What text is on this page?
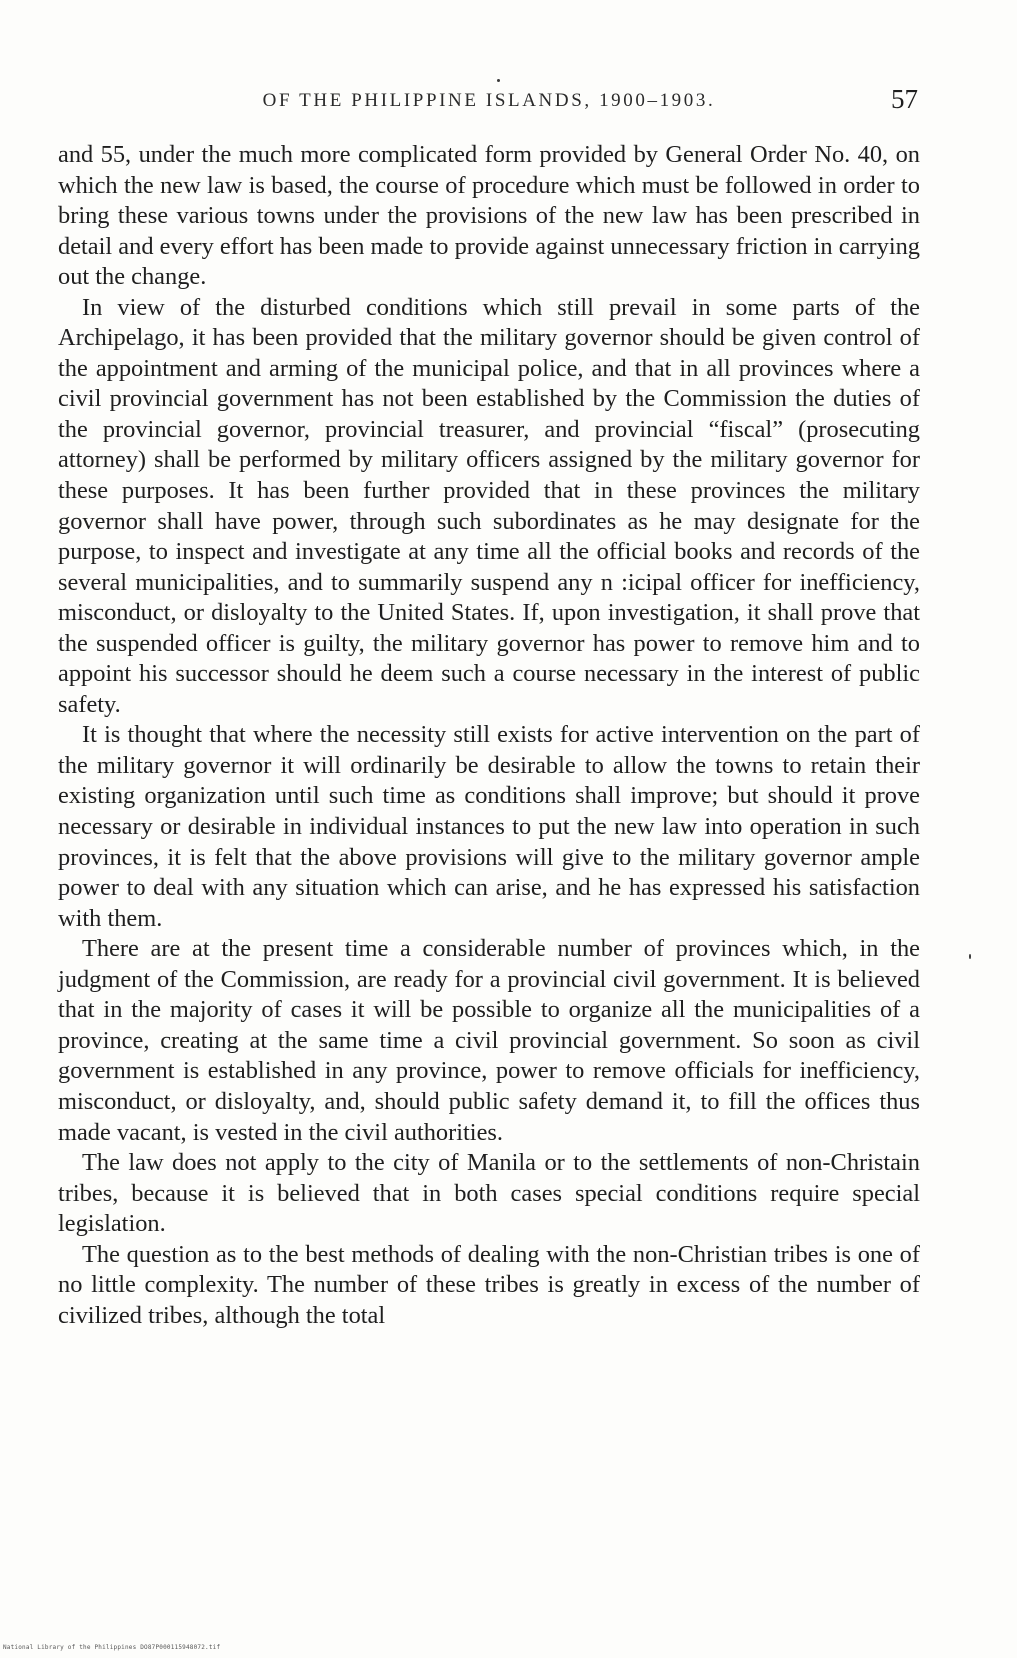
OF THE PHILIPPINE ISLANDS, 1900–1903.	57

and 55, under the much more complicated form provided by General Order No. 40, on which the new law is based, the course of procedure which must be followed in order to bring these various towns under the provisions of the new law has been prescribed in detail and every effort has been made to provide against unnecessary friction in carrying out the change.

In view of the disturbed conditions which still prevail in some parts of the Archipelago, it has been provided that the military governor should be given control of the appointment and arming of the municipal police, and that in all provinces where a civil provincial government has not been established by the Commission the duties of the provincial governor, provincial treasurer, and provincial “fiscal” (prosecuting attorney) shall be performed by military officers assigned by the military governor for these purposes. It has been further provided that in these provinces the military governor shall have power, through such subordinates as he may designate for the purpose, to inspect and investigate at any time all the official books and records of the several municipalities, and to summarily suspend any n :icipal officer for inefficiency, misconduct, or disloyalty to the United States. If, upon investigation, it shall prove that the suspended officer is guilty, the military governor has power to remove him and to appoint his successor should he deem such a course necessary in the interest of public safety.

It is thought that where the necessity still exists for active intervention on the part of the military governor it will ordinarily be desirable to allow the towns to retain their existing organization until such time as conditions shall improve; but should it prove necessary or desirable in individual instances to put the new law into operation in such provinces, it is felt that the above provisions will give to the military governor ample power to deal with any situation which can arise, and he has expressed his satisfaction with them.

There are at the present time a considerable number of provinces which, in the judgment of the Commission, are ready for a provincial civil government. It is believed that in the majority of cases it will be possible to organize all the municipalities of a province, creating at the same time a civil provincial government. So soon as civil government is established in any province, power to remove officials for inefficiency, misconduct, or disloyalty, and, should public safety demand it, to fill the offices thus made vacant, is vested in the civil authorities.

The law does not apply to the city of Manila or to the settlements of non-Christain tribes, because it is believed that in both cases special conditions require special legislation.

The question as to the best methods of dealing with the non-Christian tribes is one of no little complexity. The number of these tribes is greatly in excess of the number of civilized tribes, although the total

National Library of the Philippines DO87P000115948072.tif
